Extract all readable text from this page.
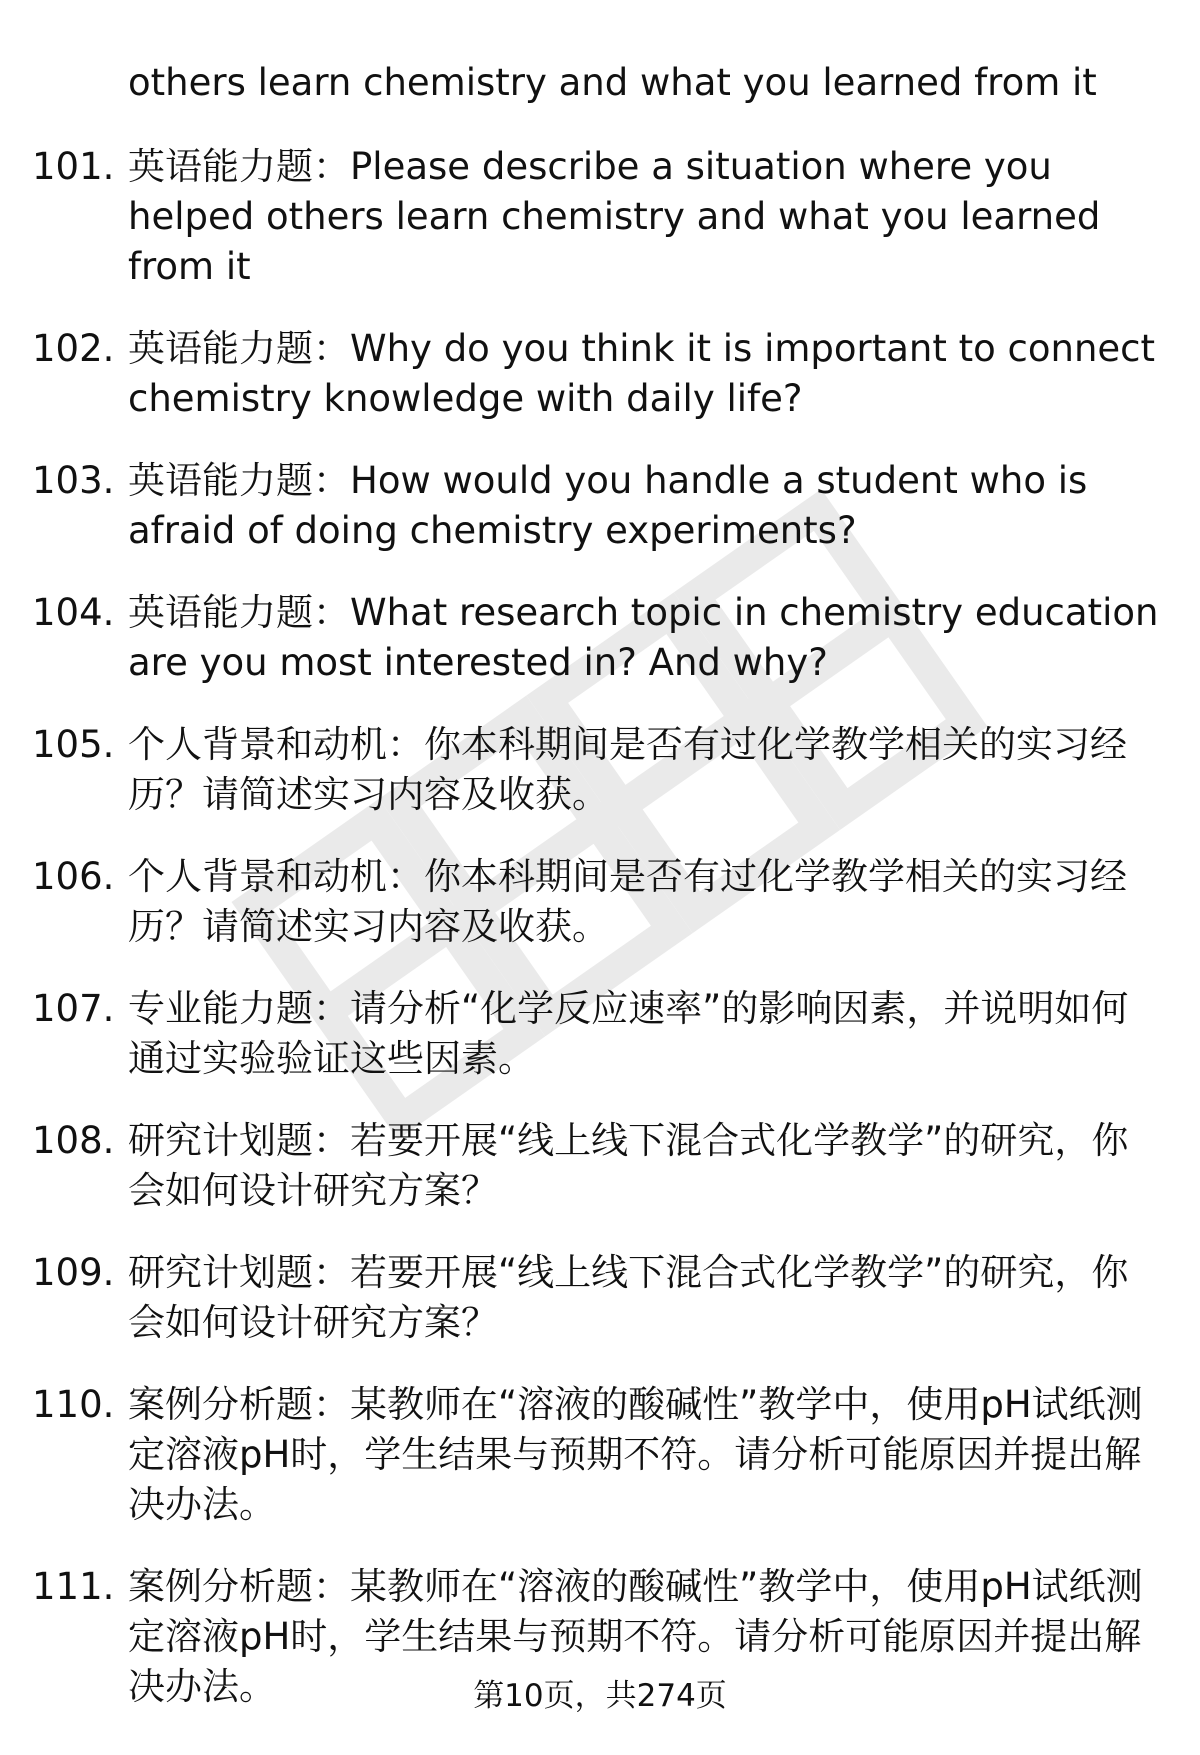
others learn chemistry and what you learned from it
101. 英语能力题：Please describe a situation where you helped others learn chemistry and what you learned from it
102. 英语能力题：Why do you think it is important to connect chemistry knowledge with daily life?
103. 英语能力题：How would you handle a student who is afraid of doing chemistry experiments?
104. 英语能力题：What research topic in chemistry education are you most interested in? And why?
105. 个人背景和动机：你本科期间是否有过化学教学相关的实习经历？请简述实习内容及收获。
106. 个人背景和动机：你本科期间是否有过化学教学相关的实习经历？请简述实习内容及收获。
107. 专业能力题：请分析“化学反应速率”的影响因素，并说明如何通过实验验证这些因素。
108. 研究计划题：若要开展“线上线下混合式化学教学”的研究，你会如何设计研究方案？
109. 研究计划题：若要开展“线上线下混合式化学教学”的研究，你会如何设计研究方案？
110. 案例分析题：某教师在“溶液的酸碱性”教学中，使用pH试纸测定溶液pH时，学生结果与预期不符。请分析可能原因并提出解决办法。
111. 案例分析题：某教师在“溶液的酸碱性”教学中，使用pH试纸测定溶液pH时，学生结果与预期不符。请分析可能原因并提出解决办法。	第10页，共274页
